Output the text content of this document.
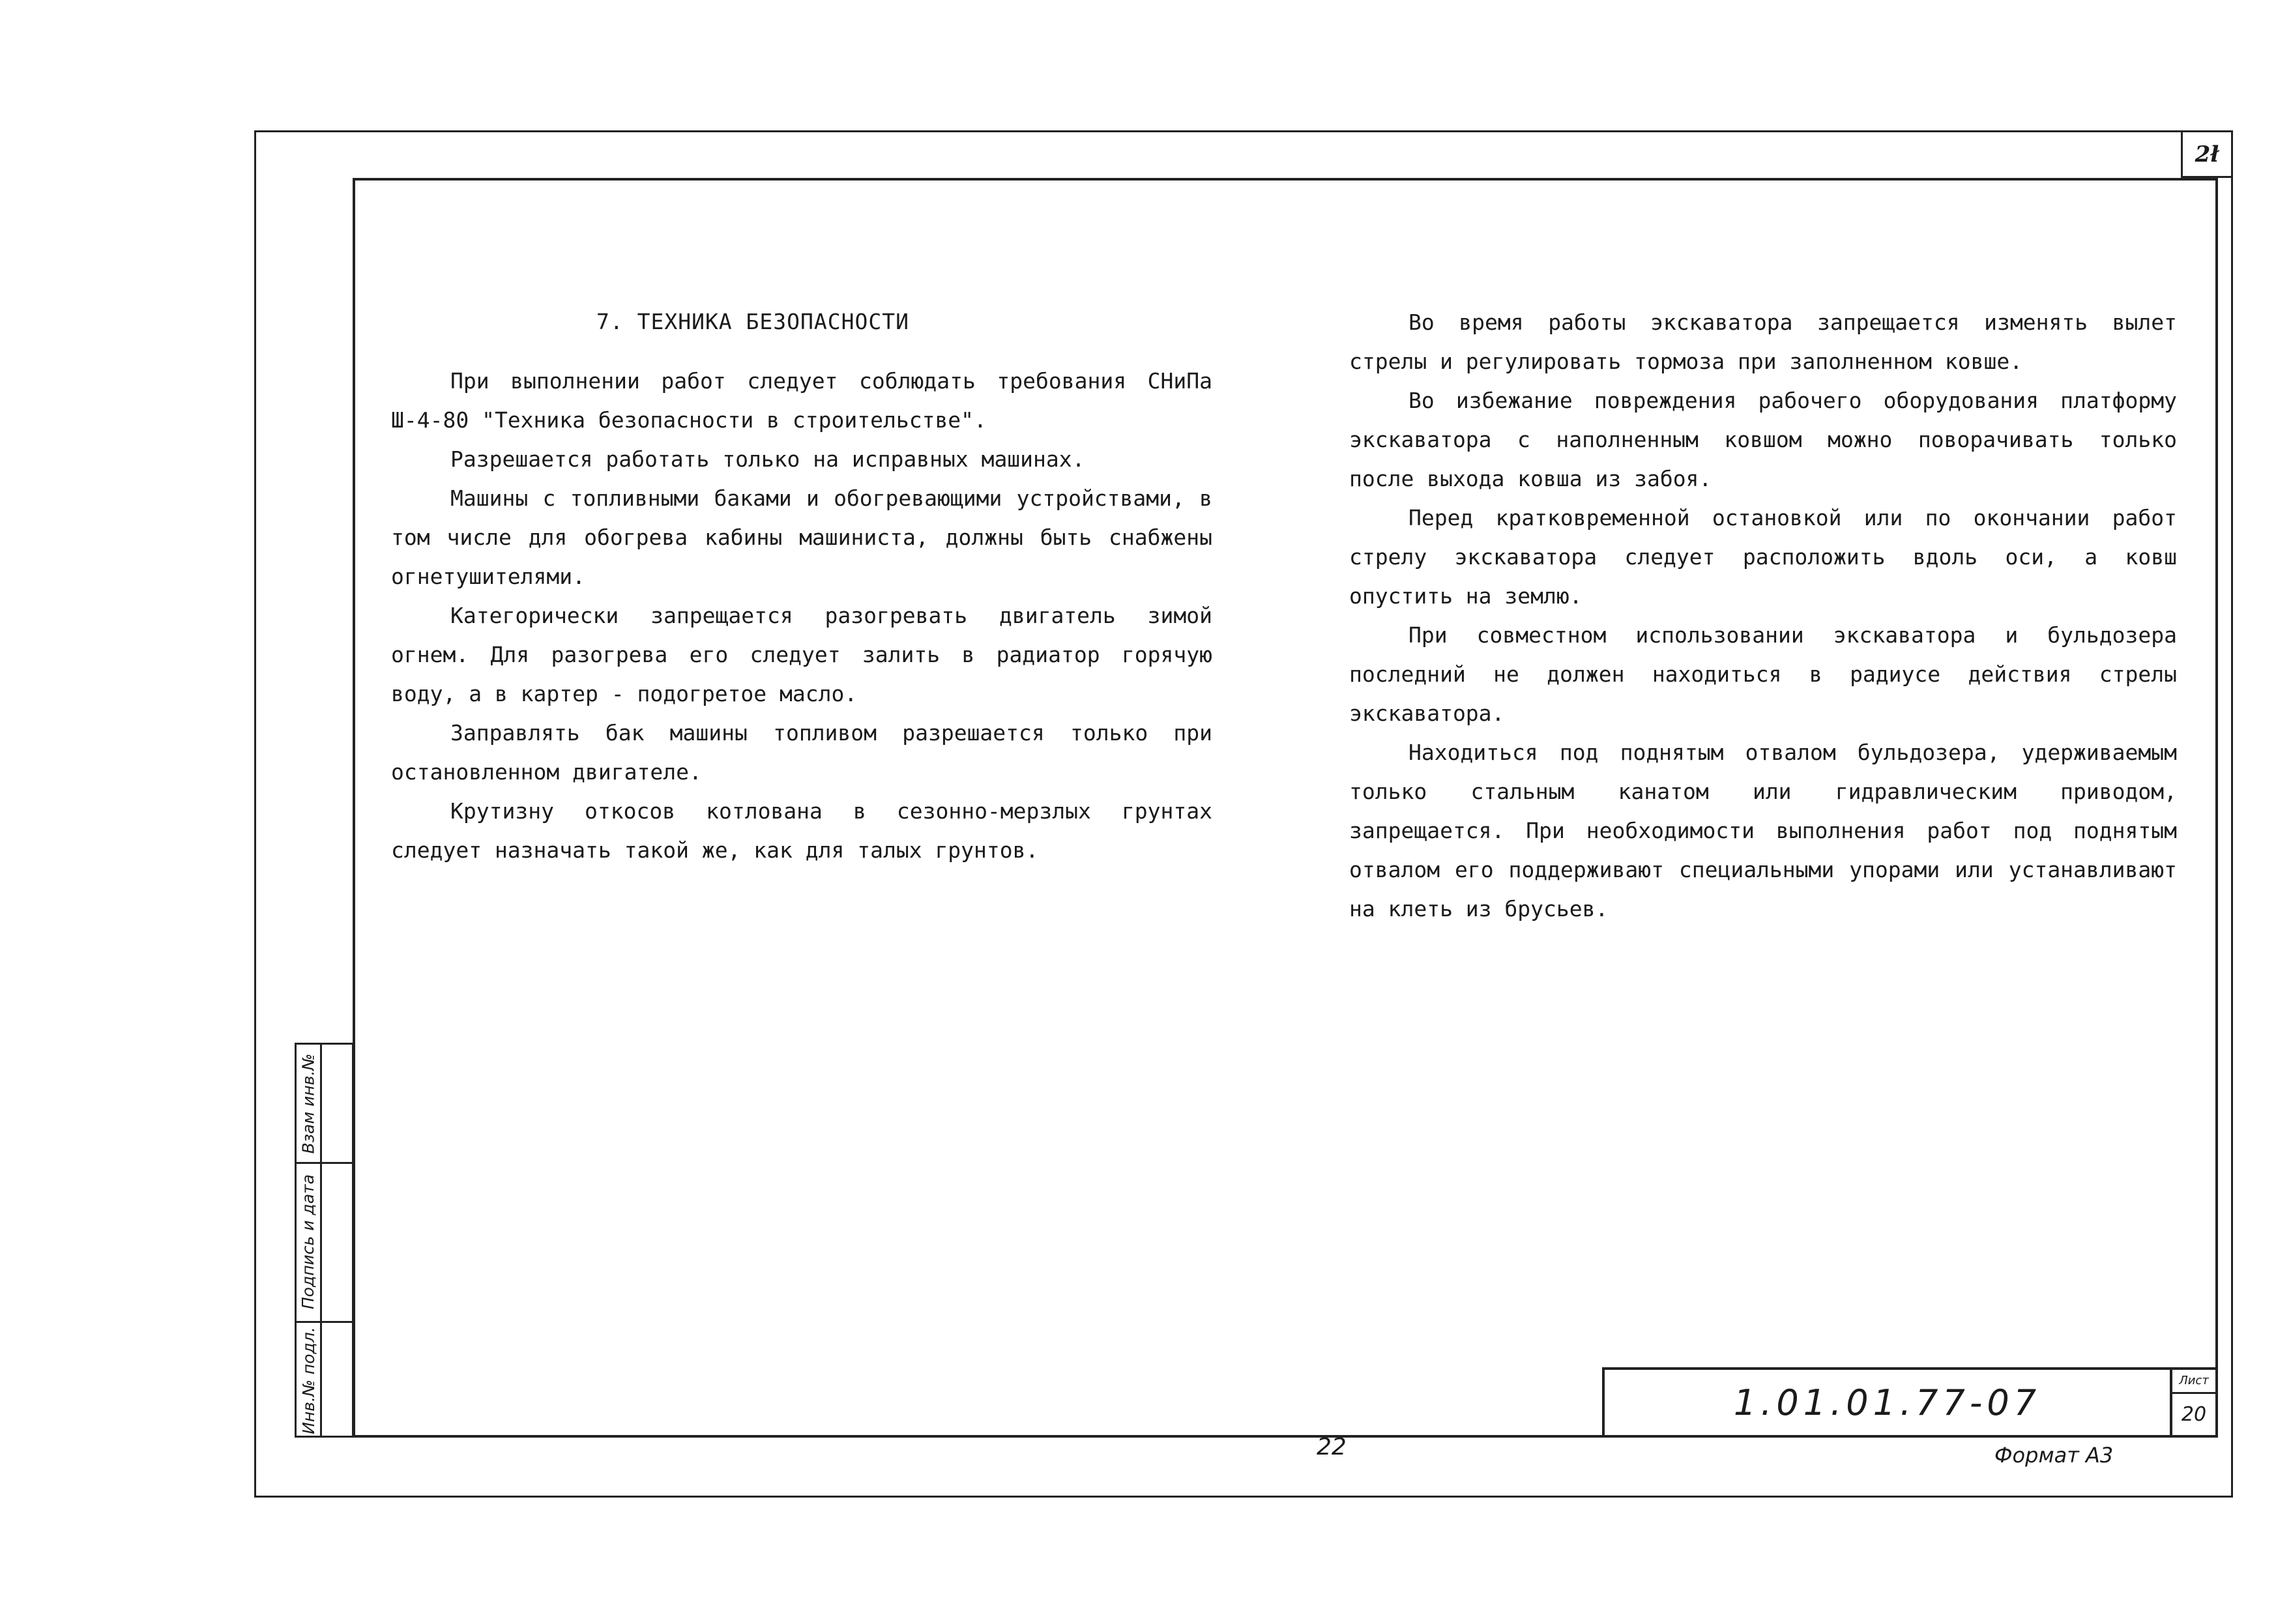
2ł
Взам инв.№
Подпись и дата
Инв.№ подл.
7. ТЕХНИКА БЕЗОПАСНОСТИ

При выполнении работ следует соблюдать требования СНиПа Ш-4-80 "Техника безопасности в строительстве".

Разрешается работать только на исправных машинах.

Машины с топливными баками и обогревающими устройствами, в том числе для обогрева кабины машиниста, должны быть снабжены огнетушителями.

Категорически запрещается разогревать двигатель зимой огнем. Для разогрева его следует залить в радиатор горячую воду, а в картер - подогретое масло.

Заправлять бак машины топливом разрешается только при остановленном двигателе.

Крутизну откосов котлована в сезонно-мерзлых грунтах следует назначать такой же, как для талых грунтов.

Во время работы экскаватора запрещается изменять вылет стрелы и регулировать тормоза при заполненном ковше.

Во избежание повреждения рабочего оборудования платформу экскаватора с наполненным ковшом можно поворачивать только после выхода ковша из забоя.

Перед кратковременной остановкой или по окончании работ стрелу экскаватора следует расположить вдоль оси, а ковш опустить на землю.

При совместном использовании экскаватора и бульдозера последний не должен находиться в радиусе действия стрелы экскаватора.

Находиться под поднятым отвалом бульдозера, удерживаемым только стальным канатом или гидравлическим приводом, запрещается. При необходимости выполнения работ под поднятым отвалом его поддерживают специальными упорами или устанавливают на клеть из брусьев.

1.01.01.77-07
Лист
20
22	Формат А3
